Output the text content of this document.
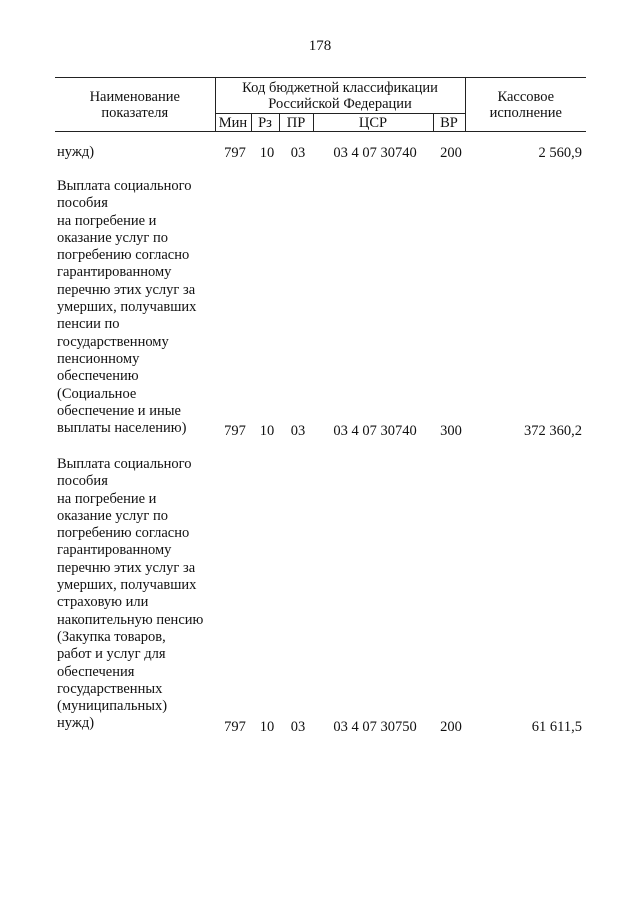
178
Наименование
показателя	Код бюджетной классификации
Российской Федерации					Кассовое
исполнение
	Мин	Рз	ПР	ЦСР	ВР	
нужд)	797 10	03	03 4 07 30740	200	2 560,9
Выплата социального
пособия
на погребение и
оказание услуг по
погребению согласно
гарантированному
перечню этих услуг за
умерших, получавших
пенсии по
государственному
пенсионному
обеспечению
(Социальное
обеспечение и иные
выплаты населению)	797 10	03	03 4 07 30740	300	372 360,2
Выплата социального
пособия
на погребение и
оказание услуг по
погребению согласно
гарантированному
перечню этих услуг за
умерших, получавших
страховую или
накопительную пенсию
(Закупка товаров,
работ и услуг для
обеспечения
государственных
(муниципальных)
нужд)	797 10	03	03 4 07 30750	200	61 611,5
